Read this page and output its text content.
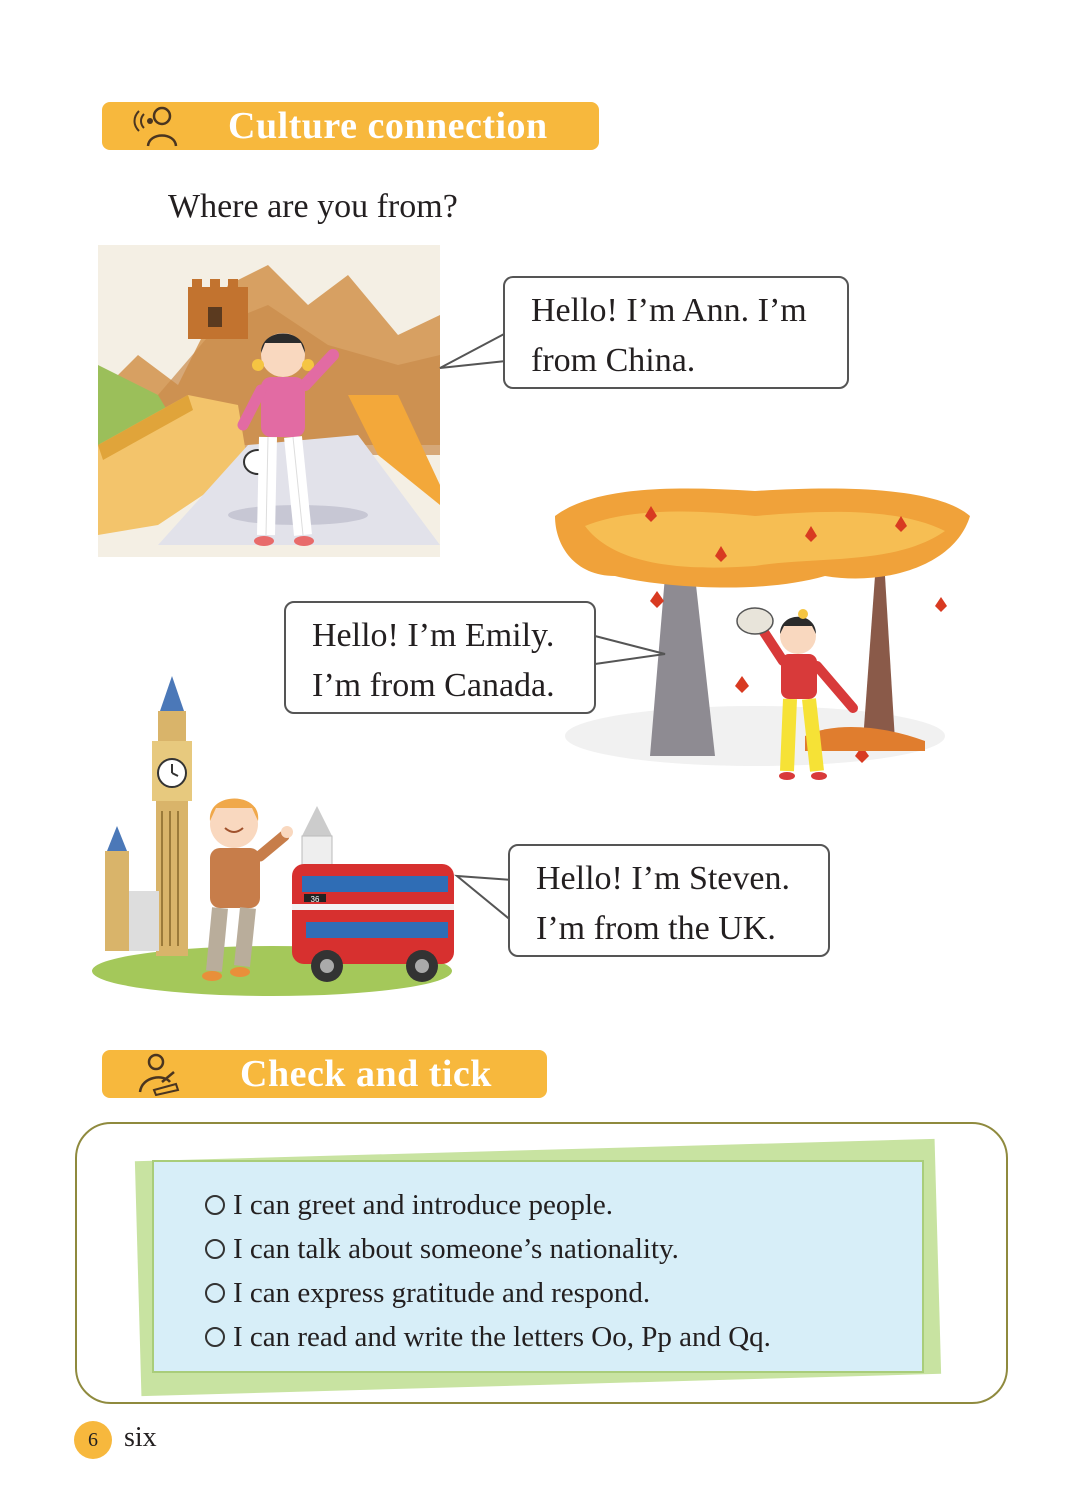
Culture connection
Where are you from?
Hello! I’m Ann. I’m
from China.
Hello! I’m Emily.
I’m from Canada.
36
Hello! I’m Steven.
I’m from the UK.
Check and tick
I can greet and introduce people.
I can talk about someone’s nationality.
I can express gratitude and respond.
I can read and write the letters Oo, Pp and Qq.
6 six
